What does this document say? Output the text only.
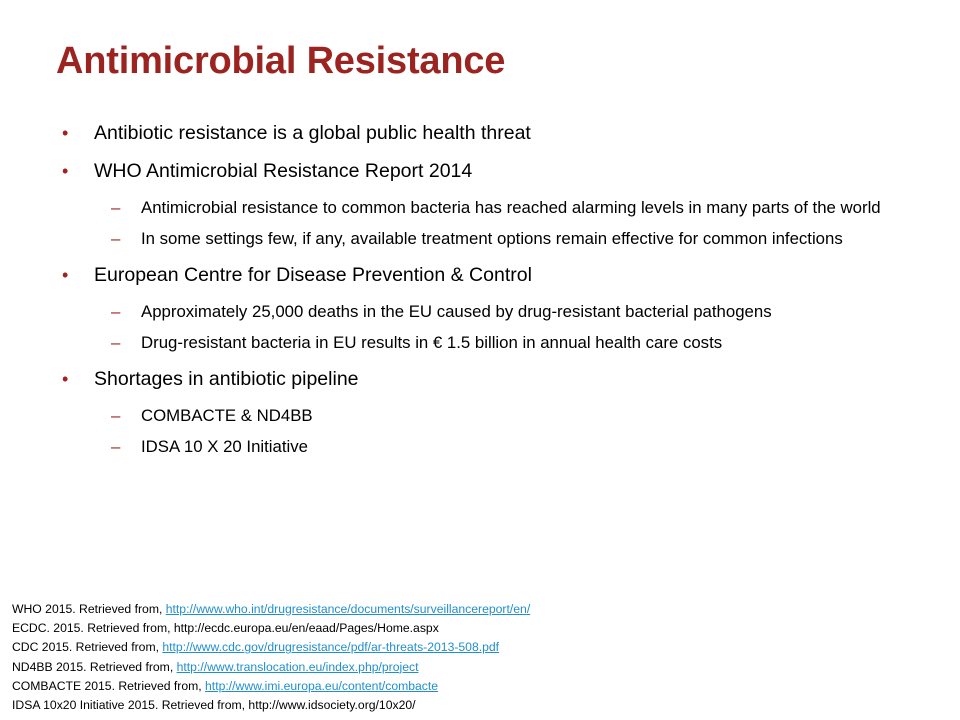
Antimicrobial Resistance
• Antibiotic resistance is a global public health threat
• WHO Antimicrobial Resistance Report 2014
– Antimicrobial resistance to common bacteria has reached alarming levels in many parts of the world
– In some settings few, if any, available treatment options remain effective for common infections
• European Centre for Disease Prevention & Control
– Approximately 25,000 deaths in the EU caused by drug-resistant bacterial pathogens
– Drug-resistant bacteria in EU results in € 1.5 billion in annual health care costs
• Shortages in antibiotic pipeline
– COMBACTE & ND4BB
– IDSA 10 X 20 Initiative
WHO 2015. Retrieved from, http://www.who.int/drugresistance/documents/surveillancereport/en/
ECDC. 2015. Retrieved from, http://ecdc.europa.eu/en/eaad/Pages/Home.aspx
CDC 2015. Retrieved from, http://www.cdc.gov/drugresistance/pdf/ar-threats-2013-508.pdf
ND4BB 2015. Retrieved from, http://www.translocation.eu/index.php/project
COMBACTE 2015. Retrieved from, http://www.imi.europa.eu/content/combacte
IDSA 10x20 Initiative 2015. Retrieved from, http://www.idsociety.org/10x20/
